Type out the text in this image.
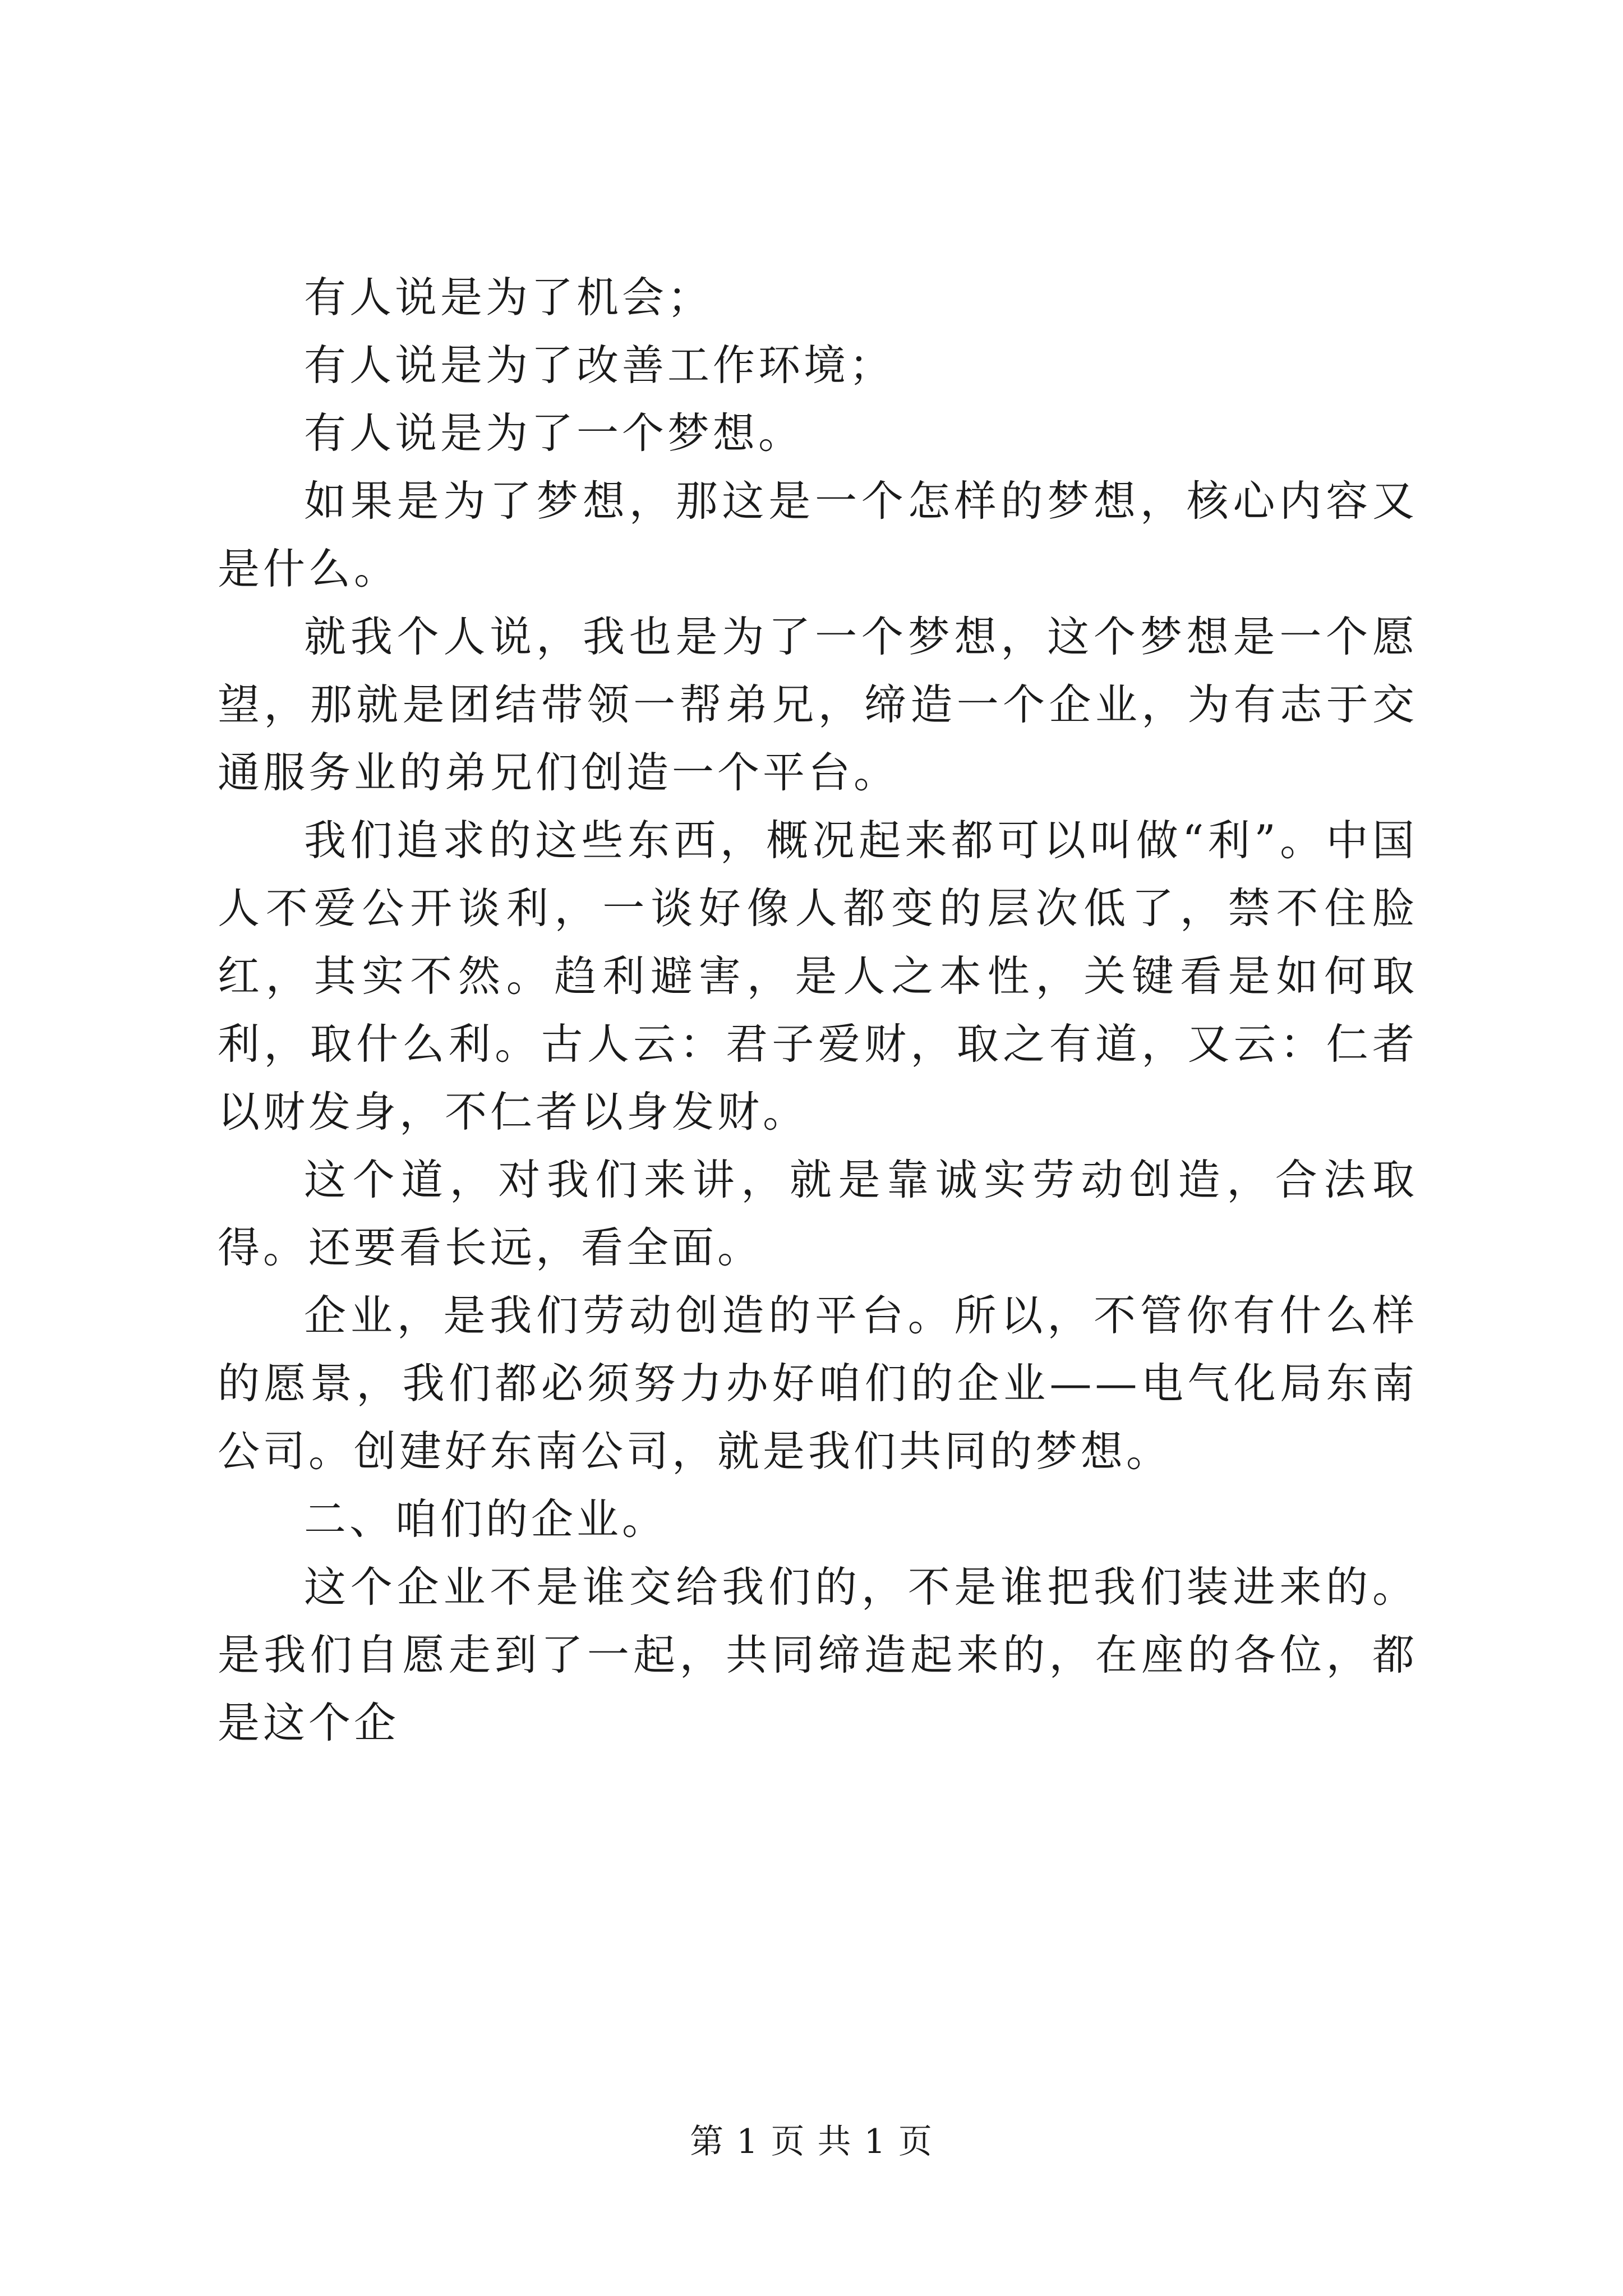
有人说是为了机会；

有人说是为了改善工作环境；

有人说是为了一个梦想。

如果是为了梦想，那这是一个怎样的梦想，核心内容又是什么。

就我个人说，我也是为了一个梦想，这个梦想是一个愿望，那就是团结带领一帮弟兄，缔造一个企业，为有志于交通服务业的弟兄们创造一个平台。

我们追求的这些东西，概况起来都可以叫做“利”。中国人不爱公开谈利，一谈好像人都变的层次低了，禁不住脸红，其实不然。趋利避害，是人之本性，关键看是如何取利，取什么利。古人云：君子爱财，取之有道，又云：仁者以财发身，不仁者以身发财。

这个道，对我们来讲，就是靠诚实劳动创造，合法取得。还要看长远，看全面。

企业，是我们劳动创造的平台。所以，不管你有什么样的愿景，我们都必须努力办好咱们的企业——电气化局东南公司。创建好东南公司，就是我们共同的梦想。

二、咱们的企业。

这个企业不是谁交给我们的，不是谁把我们装进来的。是我们自愿走到了一起，共同缔造起来的，在座的各位，都是这个企

第 1 页 共 1 页
